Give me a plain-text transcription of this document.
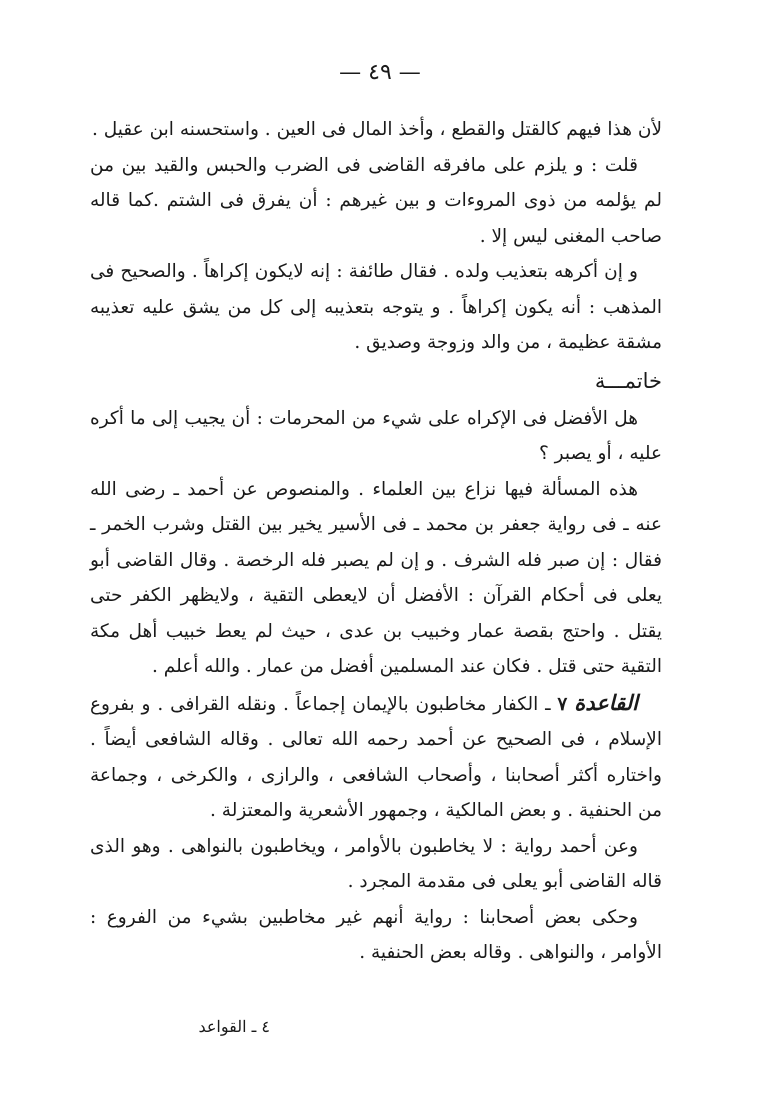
— ٤٩ —

لأن هذا فيهم كالقتل والقطع ، وأخذ المال فى العين . واستحسنه ابن عقيل .

قلت : و يلزم على مافرقه القاضى فى الضرب والحبس والقيد بين من لم يؤلمه من ذوى المروءات و بين غيرهم : أن يفرق فى الشتم .كما قاله صاحب المغنى ليس إلا .

و إن أكرهه بتعذيب ولده . فقال طائفة : إنه لايكون إكراهاً . والصحيح فى المذهب : أنه يكون إكراهاً . و يتوجه بتعذيبه إلى كل من يشق عليه تعذيبه مشقة عظيمة ، من والد وزوجة وصديق .

خاتمـــة

هل الأفضل فى الإكراه على شيء من المحرمات : أن يجيب إلى ما أكره عليه ، أو يصبر ؟

هذه المسألة فيها نزاع بين العلماء . والمنصوص عن أحمد ـ رضى الله عنه ـ فى رواية جعفر بن محمد ـ فى الأسير يخير بين القتل وشرب الخمر ـ فقال : إن صبر فله الشرف . و إن لم يصبر فله الرخصة . وقال القاضى أبو يعلى فى أحكام القرآن : الأفضل أن لايعطى التقية ، ولايظهر الكفر حتى يقتل . واحتج بقصة عمار وخبيب بن عدى ، حيث لم يعط خبيب أهل مكة التقية حتى قتل . فكان عند المسلمين أفضل من عمار . والله أعلم .

القاعدة ٧ ـ الكفار مخاطبون بالإيمان إجماعاً . ونقله القرافى . و بفروع الإسلام ، فى الصحيح عن أحمد رحمه الله تعالى . وقاله الشافعى أيضاً . واختاره أكثر أصحابنا ، وأصحاب الشافعى ، والرازى ، والكرخى ، وجماعة من الحنفية . و بعض المالكية ، وجمهور الأشعرية والمعتزلة .

وعن أحمد رواية : لا يخاطبون بالأوامر ، ويخاطبون بالنواهى . وهو الذى قاله القاضى أبو يعلى فى مقدمة المجرد .

وحكى بعض أصحابنا : رواية أنهم غير مخاطبين بشيء من الفروع : الأوامر ، والنواهى . وقاله بعض الحنفية .

٤ ـ القواعد
